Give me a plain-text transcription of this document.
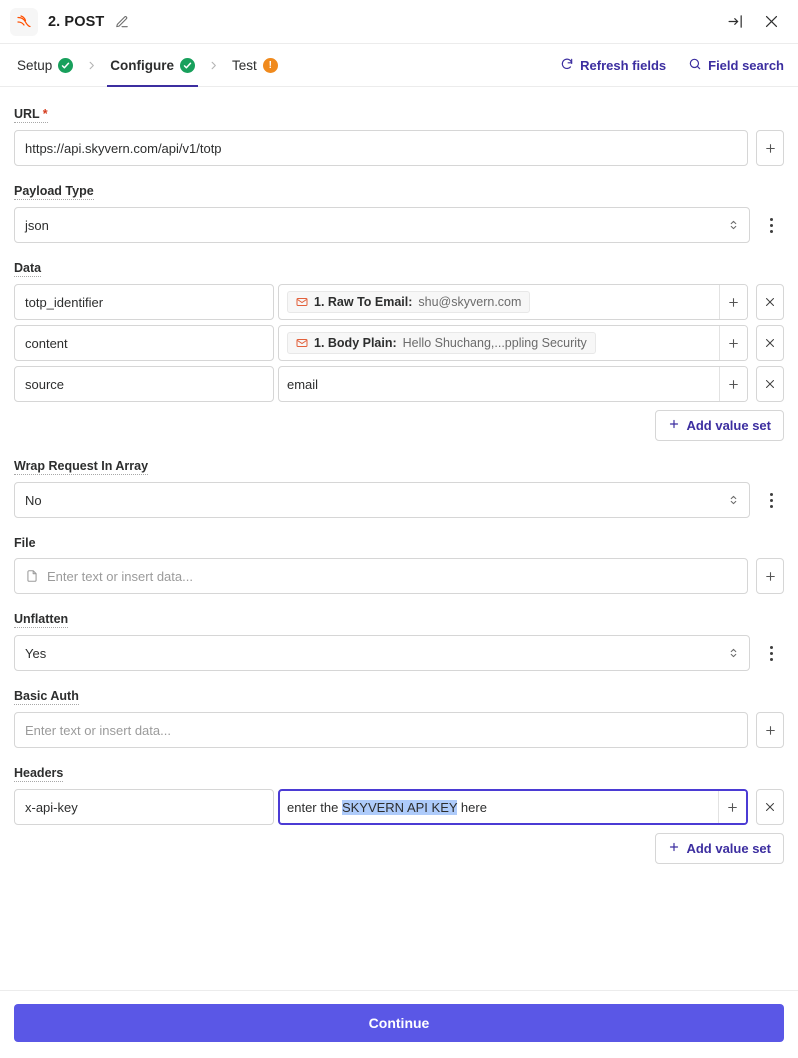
2. POST
Setup	Configure	Test	!	Refresh fields	Field search
URL *
https://api.skyvern.com/api/v1/totp
Payload Type
json
Data
totp_identifier	1. Raw To Email: shu@skyvern.com
content	1. Body Plain: Hello Shuchang,...ppling Security
source	email
Add value set
Wrap Request In Array
No
File
Enter text or insert data...
Unflatten
Yes
Basic Auth
Enter text or insert data...
Headers
x-api-key	enter the SKYVERN API KEY here
Add value set
Continue
